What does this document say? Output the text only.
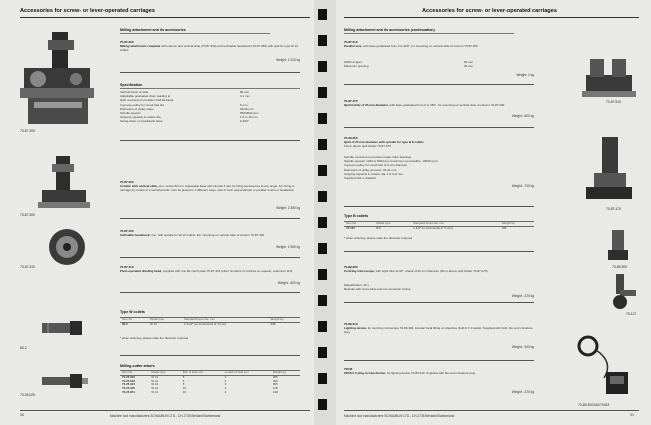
Accessories for screw- or lever-operated carriages
Milling attachment and its accessories
70-87.300
70-87.300
Milling attachment complete with column and vertical slide (70-87.300) and reclinable headstock (70-87.450) with quill for type W 12 collets
Weight: 4.200 kg
Specification
Vertical travel of slide	80 mm
Adjustable graduated drum reading to	0.1 mm
Quill mounted on precision ball bearings
3-groove pulley for round belt dia.	6 mm
Diameters of pulley steps	64/49 mm
Spindle speeds	650/3000 rpm
Gripping capacity in collets dia.	1.5 to 10 mm
Swing-down on headstock base	0-360°
70-87.300
70-87.300
Column with vertical slide, stro. stroke 80 mm. Adjustable base with circular T-slot for fixing accessories at any angle. For fixing to carriage by means of 2 sectorial bolts. Can be placed in 2 different ways, size of such perpendicular or parallel to axis of headstock.
Weight: 2.380 kg
70-87.410
70-87.450
Inclinable headstock, iron, with spindle for W 12 collets. For mounting on vertical slide of column 70-87.300
Weight: 1.960 kg
70-87.410
Pivot-operated dividing head, supplied with one 60-notch plate 70-87.416 (other numbers of notches on request, maximum 110)
Weight: .600 kg
80-2
Type W collets
Item No.	Model type	Standard bores dia. mm	Weight kg
80-2	W 12	1.5-12* (on increments of .5 mm)	005
* when ordering, please state the diameter required
70-25.025
Milling-cutter arbors
Item No.	Model type	Dia. of stud mm	Length of stud mm	Weight kg
70-25.022	W 12	5	4	005
70-25.023	W 12	6	4	005
70-25.024	W 12	8	4	005
70-25.025	W 12	10	4	118
70-25.851	W 12	16	4	148
30	Machine tool manufacturers SCHAUBLIN LTD., CH-2735 Bévilard/Switzerland
Accessories for screw- or lever-operated carriages
Milling attachment and its accessories (continuation)
70-87.510
Parallel vise, with base graduated from 0 to 360°, for mounting on vertical slide of column 70-87.300
Width of jaws	50 mm
Maximum opening	35 mm
Weight: 1 kg
70-87.510
70-87.470
Quill holder of 25 mm diameter, with base graduated from 0 to 360°, for mounting on vertical slide of column 70-87.300
Weight: .800 kg
70-96.360
Quill of 25 mm diameter with spindle for type B 8 collets
Fits in above quill holder 70-87.470
Spindle mounted on precision taper-roller bearings
Spindle speeds: 1400 to 8400 rpm (maximum permissible: 10000 rpm)
3-groove pulley for round belt of 3 mm diameter
Diameters of pulley grooves: 33-41 mm
Gripping capacity in collets: dia. 1.5 to 8 mm
Supplied with 1 drawbar
Weight: .700 kg
70-87.470
Type B collets
Item No.	Model type	Standard bores dia. mm	Weight kg
70-127	B 8	1-8.9* on increments of .5 mm)	021
* when ordering, please state the diameter required
70-89.300
70-89.300
Centring microscope, with sight tube at 90°, shank of 25 mm diameter (fits in above quill holder 70-87.470)
Magnification: 40 x
Reticule with cross-hairs and 12 concentric circles
Weight: .220 kg
70-127
70-89.310
Lighting device, for centring microscope 70-89.300. Annular focal fitting on objective (bulb 6 V 3 watts). Supplied with bulb, flex and miniature plug.
Weight: .300 kg
70043
220/6.3 V plug-in transformer, for lighting device 70-89.310. Supplied with flex and miniature plug.
Weight: .220 kg
70-89.300/310/70043
Machine tool manufacturers SCHAUBLIN LTD., CH-2735 Bévilard/Switzerland	31
